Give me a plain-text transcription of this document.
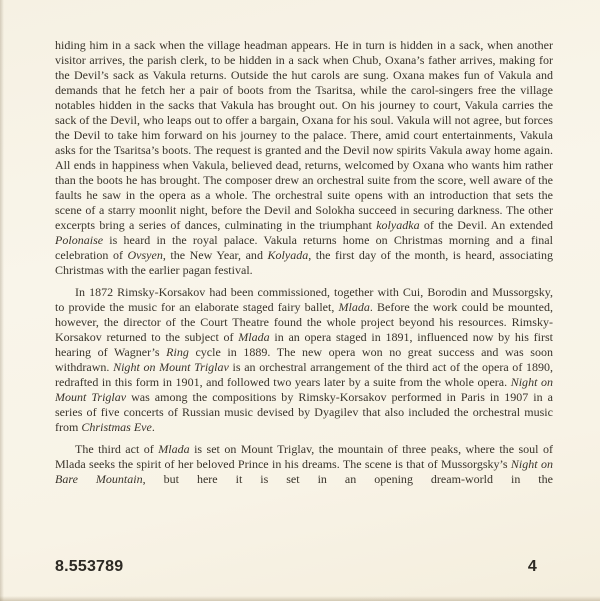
hiding him in a sack when the village headman appears. He in turn is hidden in a sack, when another visitor arrives, the parish clerk, to be hidden in a sack when Chub, Oxana’s father arrives, making for the Devil’s sack as Vakula returns. Outside the hut carols are sung. Oxana makes fun of Vakula and demands that he fetch her a pair of boots from the Tsaritsa, while the carol-singers free the village notables hidden in the sacks that Vakula has brought out. On his journey to court, Vakula carries the sack of the Devil, who leaps out to offer a bargain, Oxana for his soul. Vakula will not agree, but forces the Devil to take him forward on his journey to the palace. There, amid court entertainments, Vakula asks for the Tsaritsa’s boots. The request is granted and the Devil now spirits Vakula away home again. All ends in happiness when Vakula, believed dead, returns, welcomed by Oxana who wants him rather than the boots he has brought. The composer drew an orchestral suite from the score, well aware of the faults he saw in the opera as a whole. The orchestral suite opens with an introduction that sets the scene of a starry moonlit night, before the Devil and Solokha succeed in securing darkness. The other excerpts bring a series of dances, culminating in the triumphant kolyadka of the Devil. An extended Polonaise is heard in the royal palace. Vakula returns home on Christmas morning and a final celebration of Ovsyen, the New Year, and Kolyada, the first day of the month, is heard, associating Christmas with the earlier pagan festival.

In 1872 Rimsky-Korsakov had been commissioned, together with Cui, Borodin and Mussorgsky, to provide the music for an elaborate staged fairy ballet, Mlada. Before the work could be mounted, however, the director of the Court Theatre found the whole project beyond his resources. Rimsky-Korsakov returned to the subject of Mlada in an opera staged in 1891, influenced now by his first hearing of Wagner’s Ring cycle in 1889. The new opera won no great success and was soon withdrawn. Night on Mount Triglav is an orchestral arrangement of the third act of the opera of 1890, redrafted in this form in 1901, and followed two years later by a suite from the whole opera. Night on Mount Triglav was among the compositions by Rimsky-Korsakov performed in Paris in 1907 in a series of five concerts of Russian music devised by Dyagilev that also included the orchestral music from Christmas Eve.

The third act of Mlada is set on Mount Triglav, the mountain of three peaks, where the soul of Mlada seeks the spirit of her beloved Prince in his dreams. The scene is that of Mussorgsky’s Night on Bare Mountain, but here it is set in an opening dream-world in the

8.553789	4
